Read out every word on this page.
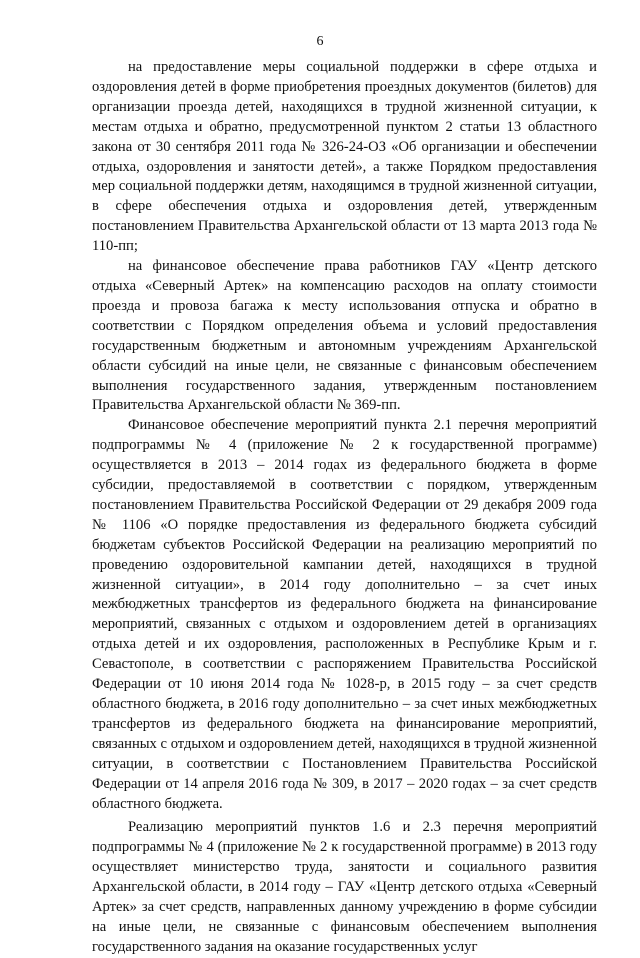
6

на предоставление меры социальной поддержки в сфере отдыха и оздоровления детей в форме приобретения проездных документов (билетов) для организации проезда детей, находящихся в трудной жизненной ситуации, к местам отдыха и обратно, предусмотренной пунктом 2 статьи 13 областного закона от 30 сентября 2011 года № 326-24-ОЗ «Об организации и обеспечении отдыха, оздоровления и занятости детей», а также Порядком предоставления мер социальной поддержки детям, находящимся в трудной жизненной ситуации, в сфере обеспечения отдыха и оздоровления детей, утвержденным постановлением Правительства Архангельской области от 13 марта 2013 года № 110-пп;

на финансовое обеспечение права работников ГАУ «Центр детского отдыха «Северный Артек» на компенсацию расходов на оплату стоимости проезда и провоза багажа к месту использования отпуска и обратно в соответствии с Порядком определения объема и условий предоставления государственным бюджетным и автономным учреждениям Архангельской области субсидий на иные цели, не связанные с финансовым обеспечением выполнения государственного задания, утвержденным постановлением Правительства Архангельской области № 369-пп.

Финансовое обеспечение мероприятий пункта 2.1 перечня мероприятий подпрограммы № 4 (приложение № 2 к государственной программе) осуществляется в 2013 – 2014 годах из федерального бюджета в форме субсидии, предоставляемой в соответствии с порядком, утвержденным постановлением Правительства Российской Федерации от 29 декабря 2009 года № 1106 «О порядке предоставления из федерального бюджета субсидий бюджетам субъектов Российской Федерации на реализацию мероприятий по проведению оздоровительной кампании детей, находящихся в трудной жизненной ситуации», в 2014 году дополнительно – за счет иных межбюджетных трансфертов из федерального бюджета на финансирование мероприятий, связанных с отдыхом и оздоровлением детей в организациях отдыха детей и их оздоровления, расположенных в Республике Крым и г. Севастополе, в соответствии с распоряжением Правительства Российской Федерации от 10 июня 2014 года № 1028-р, в 2015 году – за счет средств областного бюджета, в 2016 году дополнительно – за счет иных межбюджетных трансфертов из федерального бюджета на финансирование мероприятий, связанных с отдыхом и оздоровлением детей, находящихся в трудной жизненной ситуации, в соответствии с Постановлением Правительства Российской Федерации от 14 апреля 2016 года № 309, в 2017 – 2020 годах – за счет средств областного бюджета.

Реализацию мероприятий пунктов 1.6 и 2.3 перечня мероприятий подпрограммы № 4 (приложение № 2 к государственной программе) в 2013 году осуществляет министерство труда, занятости и социального развития Архангельской области, в 2014 году – ГАУ «Центр детского отдыха «Северный Артек» за счет средств, направленных данному учреждению в форме субсидии на иные цели, не связанные с финансовым обеспечением выполнения государственного задания на оказание государственных услуг
